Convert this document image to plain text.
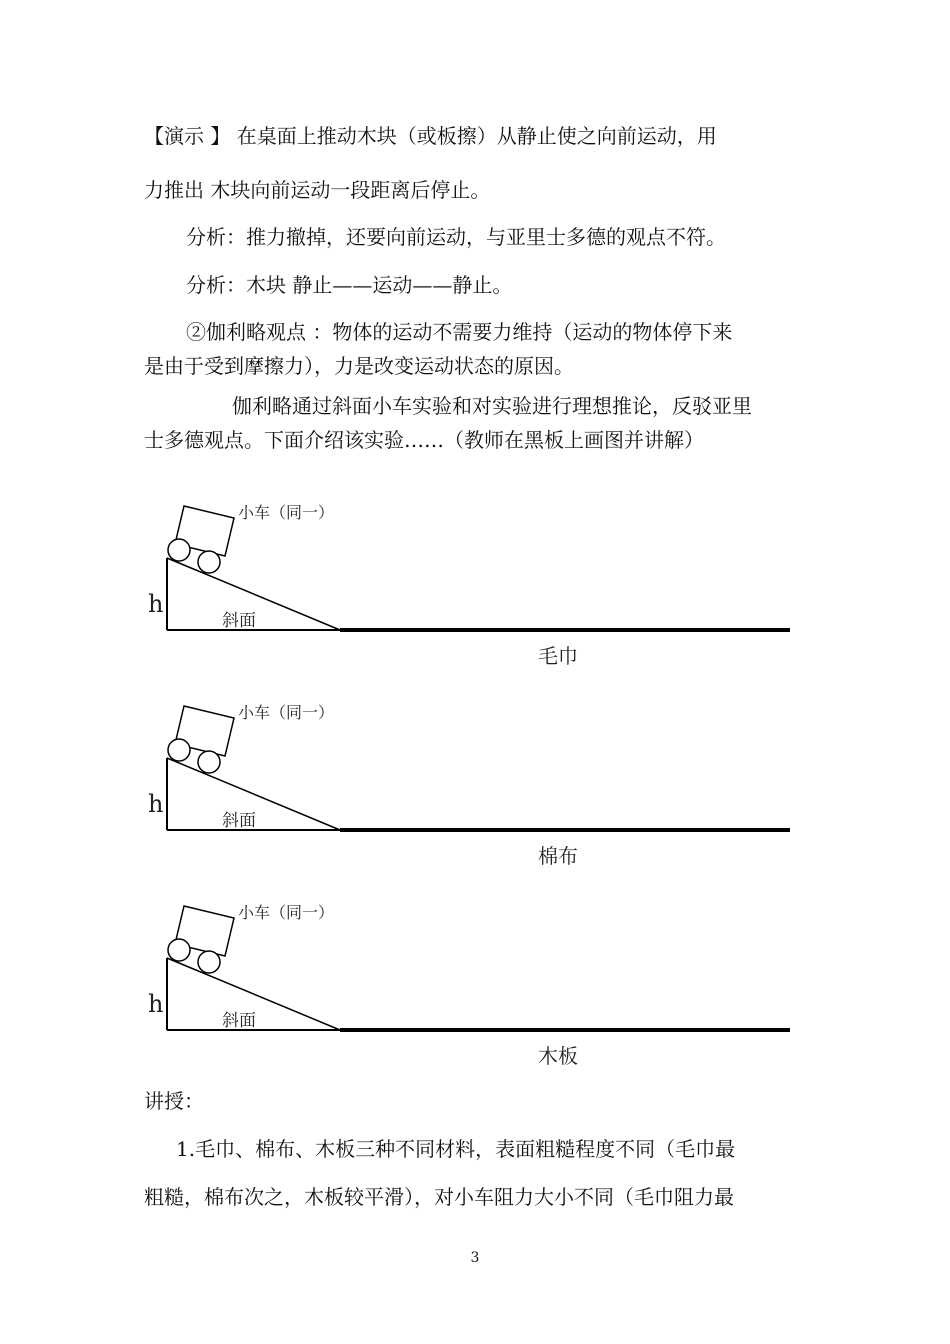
【演示 】 在桌面上推动木块（或板擦）从静止使之向前运动，用
力推出 木块向前运动一段距离后停止。
分析：推力撤掉，还要向前运动，与亚里士多德的观点不符。
分析：木块 静止——运动——静止。
②伽利略观点 ：物体的运动不需要力维持（运动的物体停下来
是由于受到摩擦力），力是改变运动状态的原因。
伽利略通过斜面小车实验和对实验进行理想推论，反驳亚里
士多德观点。下面介绍该实验……（教师在黑板上画图并讲解）
小车（同一）
h
斜面
毛巾
小车（同一）
h
斜面
棉布
小车（同一）
h
斜面
木板
讲授：
1.毛巾、棉布、木板三种不同材料，表面粗糙程度不同（毛巾最
粗糙，棉布次之，木板较平滑），对小车阻力大小不同（毛巾阻力最
3
